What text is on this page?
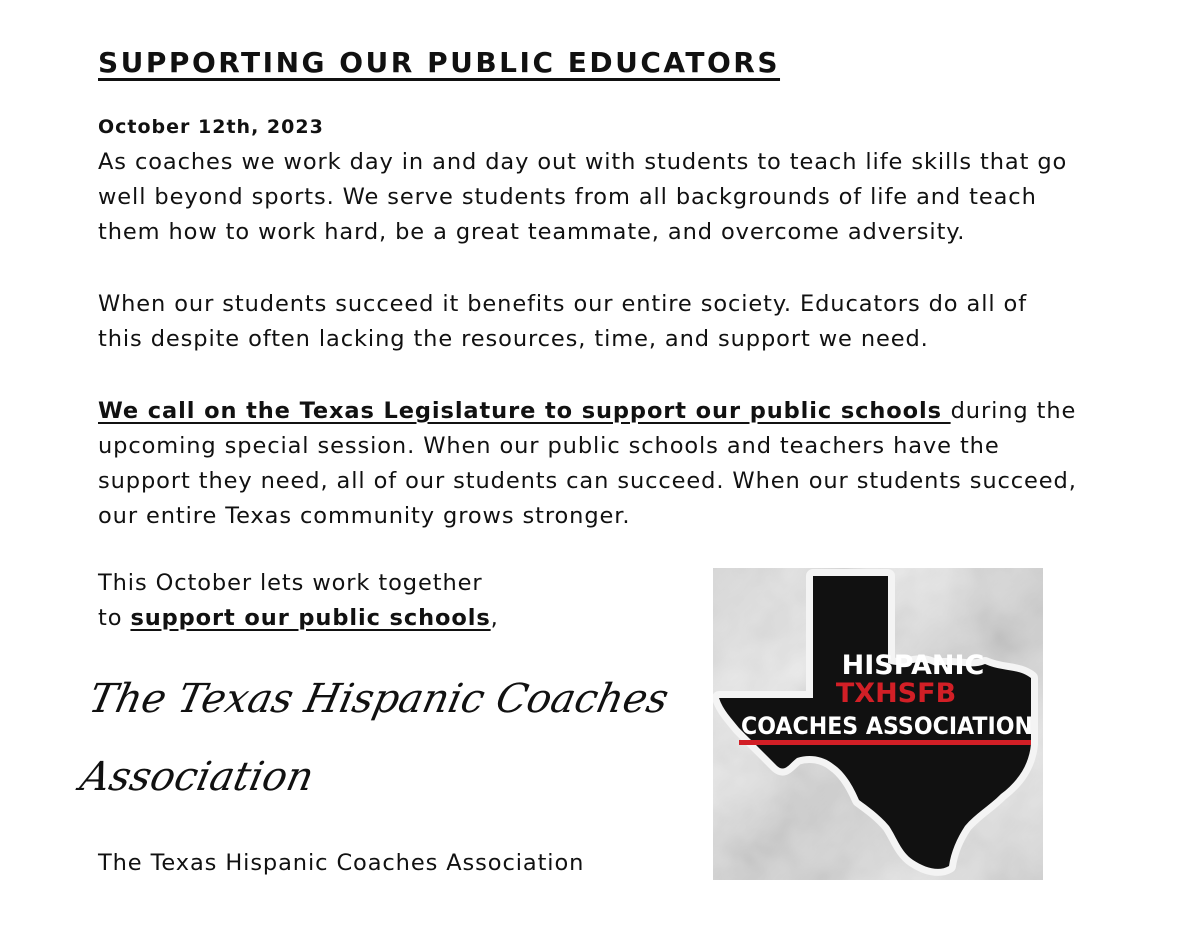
SUPPORTING OUR PUBLIC EDUCATORS
October 12th, 2023

As coaches we work day in and day out with students to teach life skills that go
well beyond sports. We serve students from all backgrounds of life and teach
them how to work hard, be a great teammate, and overcome adversity.

When our students succeed it benefits our entire society. Educators do all of
this despite often lacking the resources, time, and support we need.

We call on the Texas Legislature to support our public schools during the
upcoming special session. When our public schools and teachers have the
support they need, all of our students can succeed. When our students succeed,
our entire Texas community grows stronger.

This October lets work together
to support our public schools,

The Texas Hispanic Coaches
Association
The Texas Hispanic Coaches Association
HISPANIC
TXHSFB
COACHES ASSOCIATION
